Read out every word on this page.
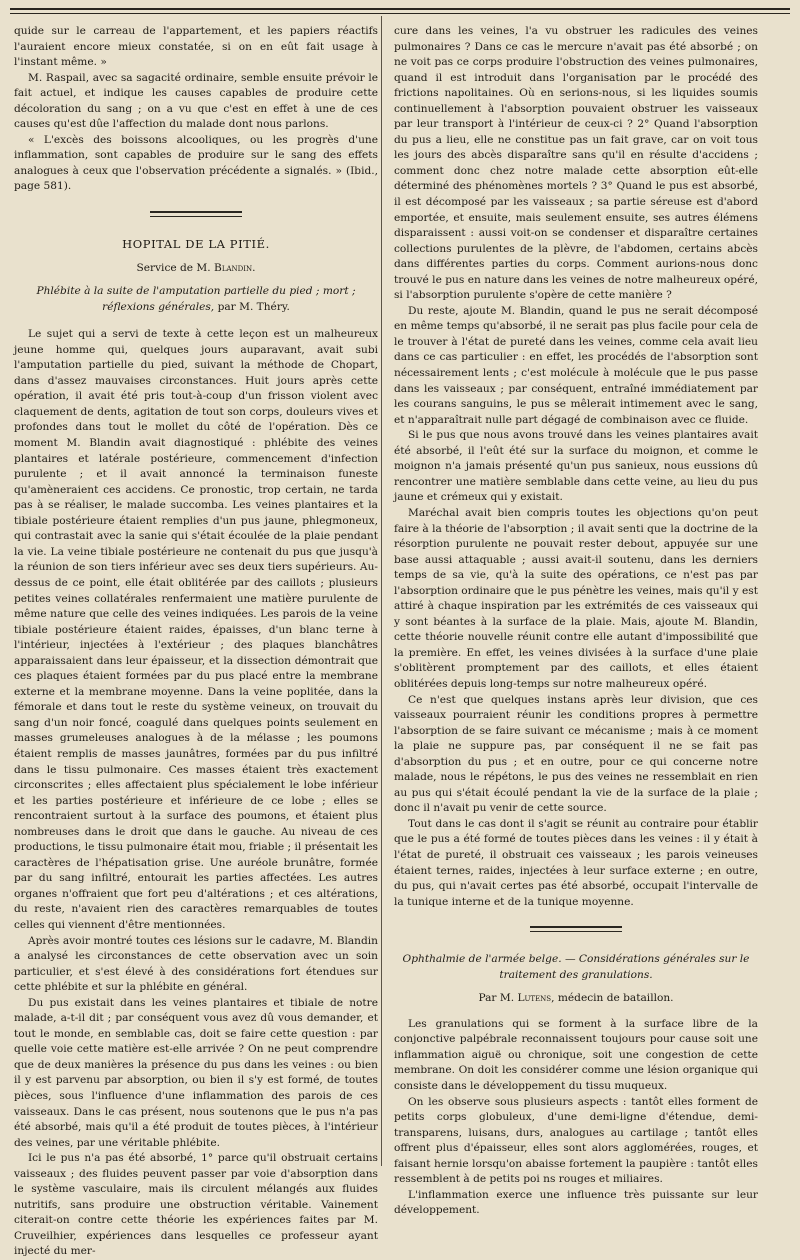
quide sur le carreau de l'appartement, et les papiers réactifs l'auraient encore mieux constatée, si on en eût fait usage à l'instant même. »

M. Raspail, avec sa sagacité ordinaire, semble ensuite prévoir le fait actuel, et indique les causes capables de produire cette décoloration du sang ; on a vu que c'est en effet à une de ces causes qu'est dûe l'affection du malade dont nous parlons.

« L'excès des boissons alcooliques, ou les progrès d'une inflammation, sont capables de produire sur le sang des effets analogues à ceux que l'observation précédente a signalés. » (Ibid., page 581).

HOPITAL DE LA PITIÉ.
Service de M. Blandin.
Phlébite à la suite de l'amputation partielle du pied ; mort ; réflexions générales, par M. Théry.

Le sujet qui a servi de texte à cette leçon est un malheureux jeune homme qui, quelques jours auparavant, avait subi l'amputation partielle du pied, suivant la méthode de Chopart, dans d'assez mauvaises circonstances. Huit jours après cette opération, il avait été pris tout-à-coup d'un frisson violent avec claquement de dents, agitation de tout son corps, douleurs vives et profondes dans tout le mollet du côté de l'opération. Dès ce moment M. Blandin avait diagnostiqué : phlébite des veines plantaires et latérale postérieure, commencement d'infection purulente ; et il avait annoncé la terminaison funeste qu'amèneraient ces accidens. Ce pronostic, trop certain, ne tarda pas à se réaliser, le malade succomba. Les veines plantaires et la tibiale postérieure étaient remplies d'un pus jaune, phlegmoneux, qui contrastait avec la sanie qui s'était écoulée de la plaie pendant la vie. La veine tibiale postérieure ne contenait du pus que jusqu'à la réunion de son tiers inférieur avec ses deux tiers supérieurs. Au-dessus de ce point, elle était oblitérée par des caillots ; plusieurs petites veines collatérales renfermaient une matière purulente de même nature que celle des veines indiquées. Les parois de la veine tibiale postérieure étaient raides, épaisses, d'un blanc terne à l'intérieur, injectées à l'extérieur ; des plaques blanchâtres apparaissaient dans leur épaisseur, et la dissection démontrait que ces plaques étaient formées par du pus placé entre la membrane externe et la membrane moyenne. Dans la veine poplitée, dans la fémorale et dans tout le reste du système veineux, on trouvait du sang d'un noir foncé, coagulé dans quelques points seulement en masses grumeleuses analogues à de la mélasse ; les poumons étaient remplis de masses jaunâtres, formées par du pus infiltré dans le tissu pulmonaire. Ces masses étaient très exactement circonscrites ; elles affectaient plus spécialement le lobe inférieur et les parties postérieure et inférieure de ce lobe ; elles se rencontraient surtout à la surface des poumons, et étaient plus nombreuses dans le droit que dans le gauche. Au niveau de ces productions, le tissu pulmonaire était mou, friable ; il présentait les caractères de l'hépatisation grise. Une auréole brunâtre, formée par du sang infiltré, entourait les parties affectées. Les autres organes n'offraient que fort peu d'altérations ; et ces altérations, du reste, n'avaient rien des caractères remarquables de toutes celles qui viennent d'être mentionnées.

Après avoir montré toutes ces lésions sur le cadavre, M. Blandin a analysé les circonstances de cette observation avec un soin particulier, et s'est élevé à des considérations fort étendues sur cette phlébite et sur la phlébite en général.

Du pus existait dans les veines plantaires et tibiale de notre malade, a-t-il dit ; par conséquent vous avez dû vous demander, et tout le monde, en semblable cas, doit se faire cette question : par quelle voie cette matière est-elle arrivée ? On ne peut comprendre que de deux manières la présence du pus dans les veines : ou bien il y est parvenu par absorption, ou bien il s'y est formé, de toutes pièces, sous l'influence d'une inflammation des parois de ces vaisseaux. Dans le cas présent, nous soutenons que le pus n'a pas été absorbé, mais qu'il a été produit de toutes pièces, à l'intérieur des veines, par une véritable phlébite.

Ici le pus n'a pas été absorbé, 1° parce qu'il obstruait certains vaisseaux ; des fluides peuvent passer par voie d'absorption dans le système vasculaire, mais ils circulent mélangés aux fluides nutritifs, sans produire une obstruction véritable. Vainement citerait-on contre cette théorie les expériences faites par M. Cruveilhier, expériences dans lesquelles ce professeur ayant injecté du mer-

cure dans les veines, l'a vu obstruer les radicules des veines pulmonaires ? Dans ce cas le mercure n'avait pas été absorbé ; on ne voit pas ce corps produire l'obstruction des veines pulmonaires, quand il est introduit dans l'organisation par le procédé des frictions napolitaines. Où en serions-nous, si les liquides soumis continuellement à l'absorption pouvaient obstruer les vaisseaux par leur transport à l'intérieur de ceux-ci ? 2° Quand l'absorption du pus a lieu, elle ne constitue pas un fait grave, car on voit tous les jours des abcès disparaître sans qu'il en résulte d'accidens ; comment donc chez notre malade cette absorption eût-elle déterminé des phénomènes mortels ? 3° Quand le pus est absorbé, il est décomposé par les vaisseaux ; sa partie séreuse est d'abord emportée, et ensuite, mais seulement ensuite, ses autres élémens disparaissent : aussi voit-on se condenser et disparaître certaines collections purulentes de la plèvre, de l'abdomen, certains abcès dans différentes parties du corps. Comment aurions-nous donc trouvé le pus en nature dans les veines de notre malheureux opéré, si l'absorption purulente s'opère de cette manière ?

Du reste, ajoute M. Blandin, quand le pus ne serait décomposé en même temps qu'absorbé, il ne serait pas plus facile pour cela de le trouver à l'état de pureté dans les veines, comme cela avait lieu dans ce cas particulier : en effet, les procédés de l'absorption sont nécessairement lents ; c'est molécule à molécule que le pus passe dans les vaisseaux ; par conséquent, entraîné immédiatement par les courans sanguins, le pus se mêlerait intimement avec le sang, et n'apparaîtrait nulle part dégagé de combinaison avec ce fluide.

Si le pus que nous avons trouvé dans les veines plantaires avait été absorbé, il l'eût été sur la surface du moignon, et comme le moignon n'a jamais présenté qu'un pus sanieux, nous eussions dû rencontrer une matière semblable dans cette veine, au lieu du pus jaune et crémeux qui y existait.

Maréchal avait bien compris toutes les objections qu'on peut faire à la théorie de l'absorption ; il avait senti que la doctrine de la résorption purulente ne pouvait rester debout, appuyée sur une base aussi attaquable ; aussi avait-il soutenu, dans les derniers temps de sa vie, qu'à la suite des opérations, ce n'est pas par l'absorption ordinaire que le pus pénètre les veines, mais qu'il y est attiré à chaque inspiration par les extrémités de ces vaisseaux qui y sont béantes à la surface de la plaie. Mais, ajoute M. Blandin, cette théorie nouvelle réunit contre elle autant d'impossibilité que la première. En effet, les veines divisées à la surface d'une plaie s'oblitèrent promptement par des caillots, et elles étaient oblitérées depuis long-temps sur notre malheureux opéré.

Ce n'est que quelques instans après leur division, que ces vaisseaux pourraient réunir les conditions propres à permettre l'absorption de se faire suivant ce mécanisme ; mais à ce moment la plaie ne suppure pas, par conséquent il ne se fait pas d'absorption du pus ; et en outre, pour ce qui concerne notre malade, nous le répétons, le pus des veines ne ressemblait en rien au pus qui s'était écoulé pendant la vie de la surface de la plaie ; donc il n'avait pu venir de cette source.

Tout dans le cas dont il s'agit se réunit au contraire pour établir que le pus a été formé de toutes pièces dans les veines : il y était à l'état de pureté, il obstruait ces vaisseaux ; les parois veineuses étaient ternes, raides, injectées à leur surface externe ; en outre, du pus, qui n'avait certes pas été absorbé, occupait l'intervalle de la tunique interne et de la tunique moyenne.

Ophthalmie de l'armée belge. — Considérations générales sur le traitement des granulations.
Par M. Lutens, médecin de bataillon.

Les granulations qui se forment à la surface libre de la conjonctive palpébrale reconnaissent toujours pour cause soit une inflammation aiguë ou chronique, soit une congestion de cette membrane. On doit les considérer comme une lésion organique qui consiste dans le développement du tissu muqueux.

On les observe sous plusieurs aspects : tantôt elles forment de petits corps globuleux, d'une demi-ligne d'étendue, demi-transparens, luisans, durs, analogues au cartilage ; tantôt elles offrent plus d'épaisseur, elles sont alors agglomérées, rouges, et faisant hernie lorsqu'on abaisse fortement la paupière : tantôt elles ressemblent à de petits poi ns rouges et miliaires.

L'inflammation exerce une influence très puissante sur leur développement.
